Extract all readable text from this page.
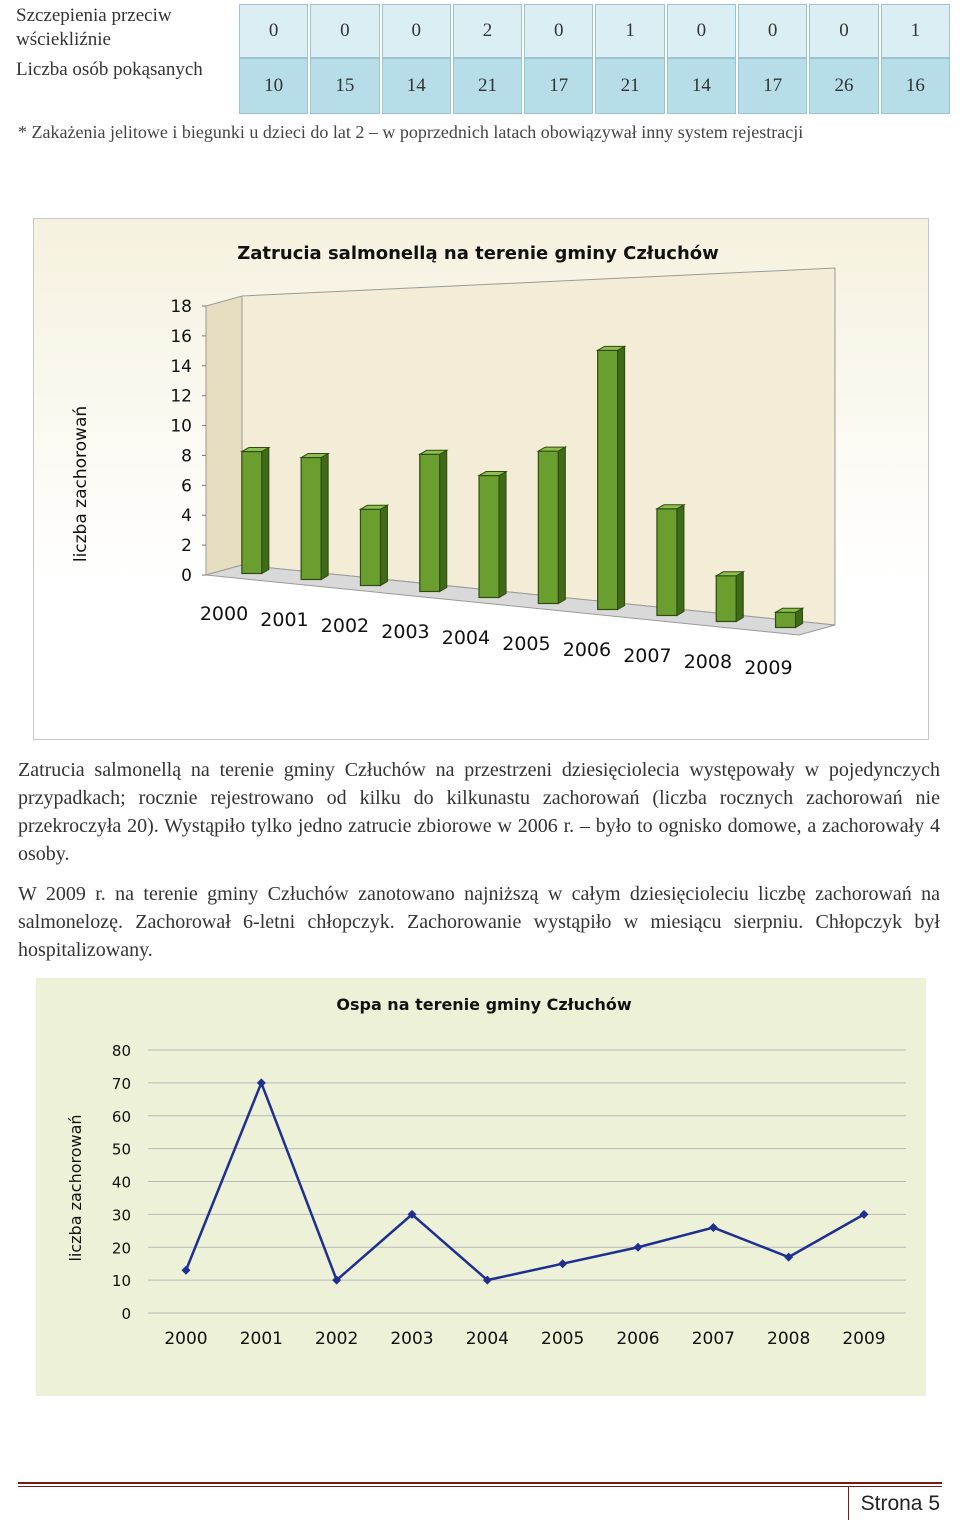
Szczepienia przeciw wściekliźnie	0	0	0	2	0	1	0	0	0	1
Liczba osób pokąsanych	10	15	14	21	17	21	14	17	26	16
* Zakażenia jelitowe i biegunki u dzieci do lat 2 – w poprzednich latach obowiązywał inny system rejestracji
Zatrucia salmonellą na terenie gminy Człuchów
liczba zachorowań
0
2
4
6
8
10
12
14
16
18
2000 2001 2002 2003 2004 2005 2006 2007 2008 2009

Zatrucia salmonellą na terenie gminy Człuchów na przestrzeni dziesięciolecia występowały w pojedynczych przypadkach; rocznie rejestrowano od kilku do kilkunastu zachorowań (liczba rocznych zachorowań nie przekroczyła 20). Wystąpiło tylko jedno zatrucie zbiorowe w 2006 r. – było to ognisko domowe, a zachorowały 4 osoby.

W 2009 r. na terenie gminy Człuchów zanotowano najniższą w całym dziesięcioleciu liczbę zachorowań na salmonelozę. Zachorował 6-letni chłopczyk. Zachorowanie wystąpiło w miesiącu sierpniu. Chłopczyk był hospitalizowany.

Ospa na terenie gminy Człuchów
liczba zachorowań
0
10
20
30
40
50
60
70
80
2000 2001 2002 2003 2004 2005 2006 2007 2008 2009
Strona 5
